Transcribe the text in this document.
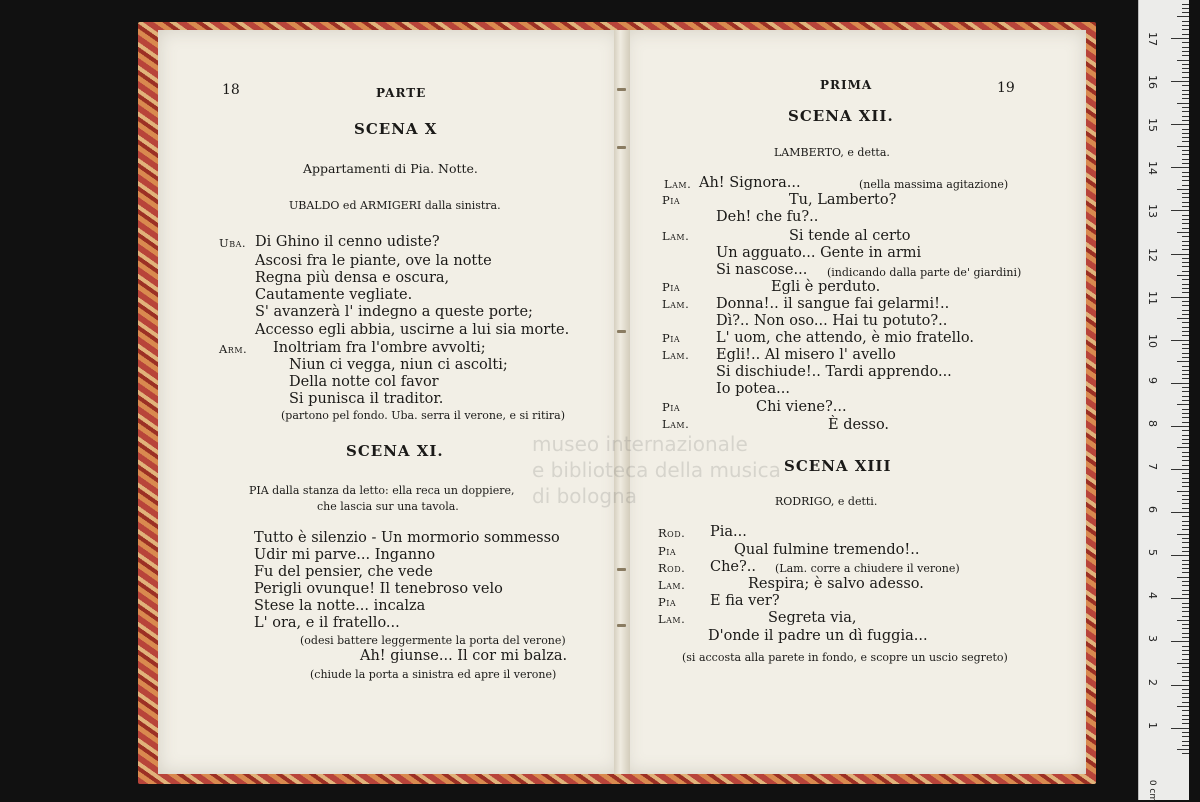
museo internazionale
e biblioteca della musica
di bologna
18	PARTE
SCENA X
Appartamenti di Pia. Notte.
UBALDO ed ARMIGERI dalla sinistra.
Uba. Di Ghino il cenno udiste?
Ascosi fra le piante, ove la notte
Regna più densa e oscura,
Cautamente vegliate.
S' avanzerà l' indegno a queste porte;
Accesso egli abbia, uscirne a lui sia morte.
Arm. Inoltriam fra l'ombre avvolti;
Niun ci vegga, niun ci ascolti;
Della notte col favor
Si punisca il traditor.
(partono pel fondo. Uba. serra il verone, e si ritira)
SCENA XI.
PIA dalla stanza da letto: ella reca un doppiere,
che lascia sur una tavola.
Tutto è silenzio - Un mormorio sommesso
Udir mi parve... Inganno
Fu del pensier, che vede
Perigli ovunque! Il tenebroso velo
Stese la notte... incalza
L' ora, e il fratello...
(odesi battere leggermente la porta del verone)
Ah! giunse... Il cor mi balza.
(chiude la porta a sinistra ed apre il verone)
PRIMA	19
SCENA XII.
LAMBERTO, e detta.
Lam. Ah! Signora...	(nella massima agitazione)
Pia	Tu, Lamberto?
Deh! che fu?..
Lam.	Si tende al certo
Un agguato... Gente in armi
Si nascose... (indicando dalla parte de' giardini)
Pia	Egli è perduto.
Lam. Donna!.. il sangue fai gelarmi!..
Dì?.. Non oso... Hai tu potuto?..
Pia L' uom, che attendo, è mio fratello.
Lam. Egli!.. Al misero l' avello
Si dischiude!.. Tardi apprendo...
Io potea...
Pia	Chi viene?...
Lam.	È desso.
SCENA XIII
RODRIGO, e detti.
Rod. Pia...
Pia	Qual fulmine tremendo!..
Rod. Che?.. (Lam. corre a chiudere il verone)
Lam.	Respira; è salvo adesso.
Pia E fia ver?
Lam.	Segreta via,
D'onde il padre un dì fuggia...
(si accosta alla parete in fondo, e scopre un uscio segreto)
0 cm
17
16
15
14
13
12
11
10
9
8
7
6
5
4
3
2
1
